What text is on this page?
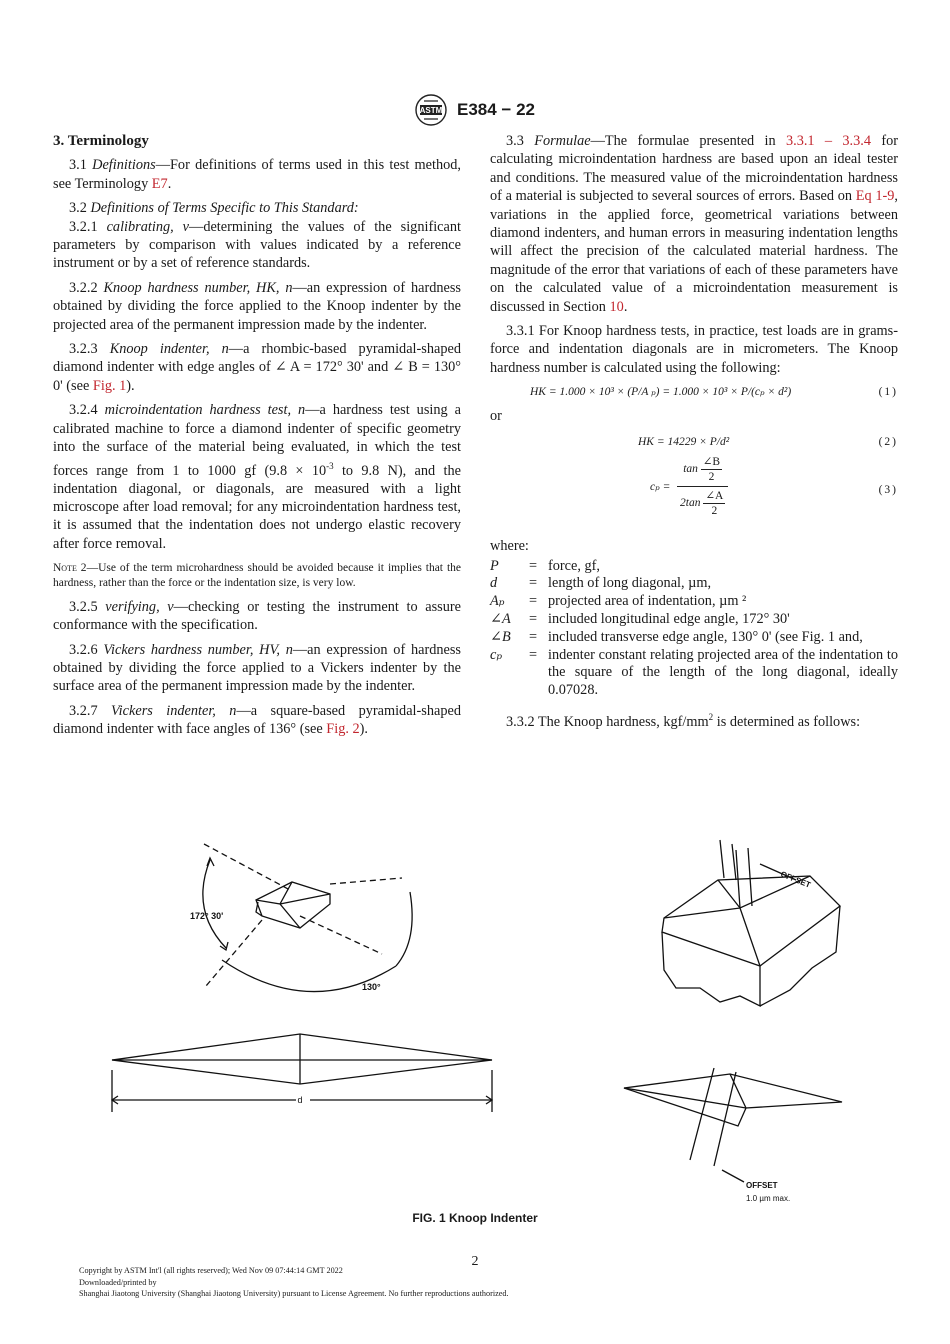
ASTM E384 − 22

3. Terminology

3.1 Definitions—For definitions of terms used in this test method, see Terminology E7.

3.2 Definitions of Terms Specific to This Standard:

3.2.1 calibrating, v—determining the values of the significant parameters by comparison with values indicated by a reference instrument or by a set of reference standards.

3.2.2 Knoop hardness number, HK, n—an expression of hardness obtained by dividing the force applied to the Knoop indenter by the projected area of the permanent impression made by the indenter.

3.2.3 Knoop indenter, n—a rhombic-based pyramidal-shaped diamond indenter with edge angles of ∠ A = 172° 30' and ∠ B = 130° 0' (see Fig. 1).

3.2.4 microindentation hardness test, n—a hardness test using a calibrated machine to force a diamond indenter of specific geometry into the surface of the material being evaluated, in which the test forces range from 1 to 1000 gf ($9.8 \times 10^{-3}$ to 9.8 N), and the indentation diagonal, or diagonals, are measured with a light microscope after load removal; for any microindentation hardness test, it is assumed that the indentation does not undergo elastic recovery after force removal.

Note 2—Use of the term microhardness should be avoided because it implies that the hardness, rather than the force or the indentation size, is very low.

3.2.5 verifying, v—checking or testing the instrument to assure conformance with the specification.

3.2.6 Vickers hardness number, HV, n—an expression of hardness obtained by dividing the force applied to a Vickers indenter by the surface area of the permanent impression made by the indenter.

3.2.7 Vickers indenter, n—a square-based pyramidal-shaped diamond indenter with face angles of 136° (see Fig. 2).

3.3 Formulae—The formulae presented in 3.3.1 – 3.3.4 for calculating microindentation hardness are based upon an ideal tester and conditions. The measured value of the microindentation hardness of a material is subjected to several sources of errors. Based on Eq 1-9, variations in the applied force, geometrical variations between diamond indenters, and human errors in measuring indentation lengths will affect the precision of the calculated material hardness. The magnitude of the error that variations of each of these parameters have on the calculated value of a microindentation measurement is discussed in Section 10.

3.3.1 For Knoop hardness tests, in practice, test loads are in grams-force and indentation diagonals are in micrometers. The Knoop hardness number is calculated using the following:

HK = 1.000 × 10³ × (P/A ₚ) = 1.000 × 10³ × P/(cₚ × d²)	(1)
or
HK = 14229 × P/d²	(2)
$c_p = \frac{\tan \frac{\angle B}{2}}{2\tan \frac{\angle A}{2}}$	(3)

where:

P	=	force, gf,
d	=	length of long diagonal, µm,
Aₚ	=	projected area of indentation, µm ²
∠A	=	included longitudinal edge angle, 172° 30'
∠B	=	included transverse edge angle, 130° 0' (see Fig. 1 and,
cₚ	=	indenter constant relating projected area of the indentation to the square of the length of the long diagonal, ideally 0.07028.

3.3.2 The Knoop hardness, kgf/$mm^2$ is determined as follows:

172° 30'
130°
d
OFFSET
OFFSET
1.0 µm max.
FIG. 1 Knoop Indenter
2
Copyright by ASTM Int'l (all rights reserved); Wed Nov 09 07:44:14 GMT 2022
Downloaded/printed by
Shanghai Jiaotong University (Shanghai Jiaotong University) pursuant to License Agreement. No further reproductions authorized.
